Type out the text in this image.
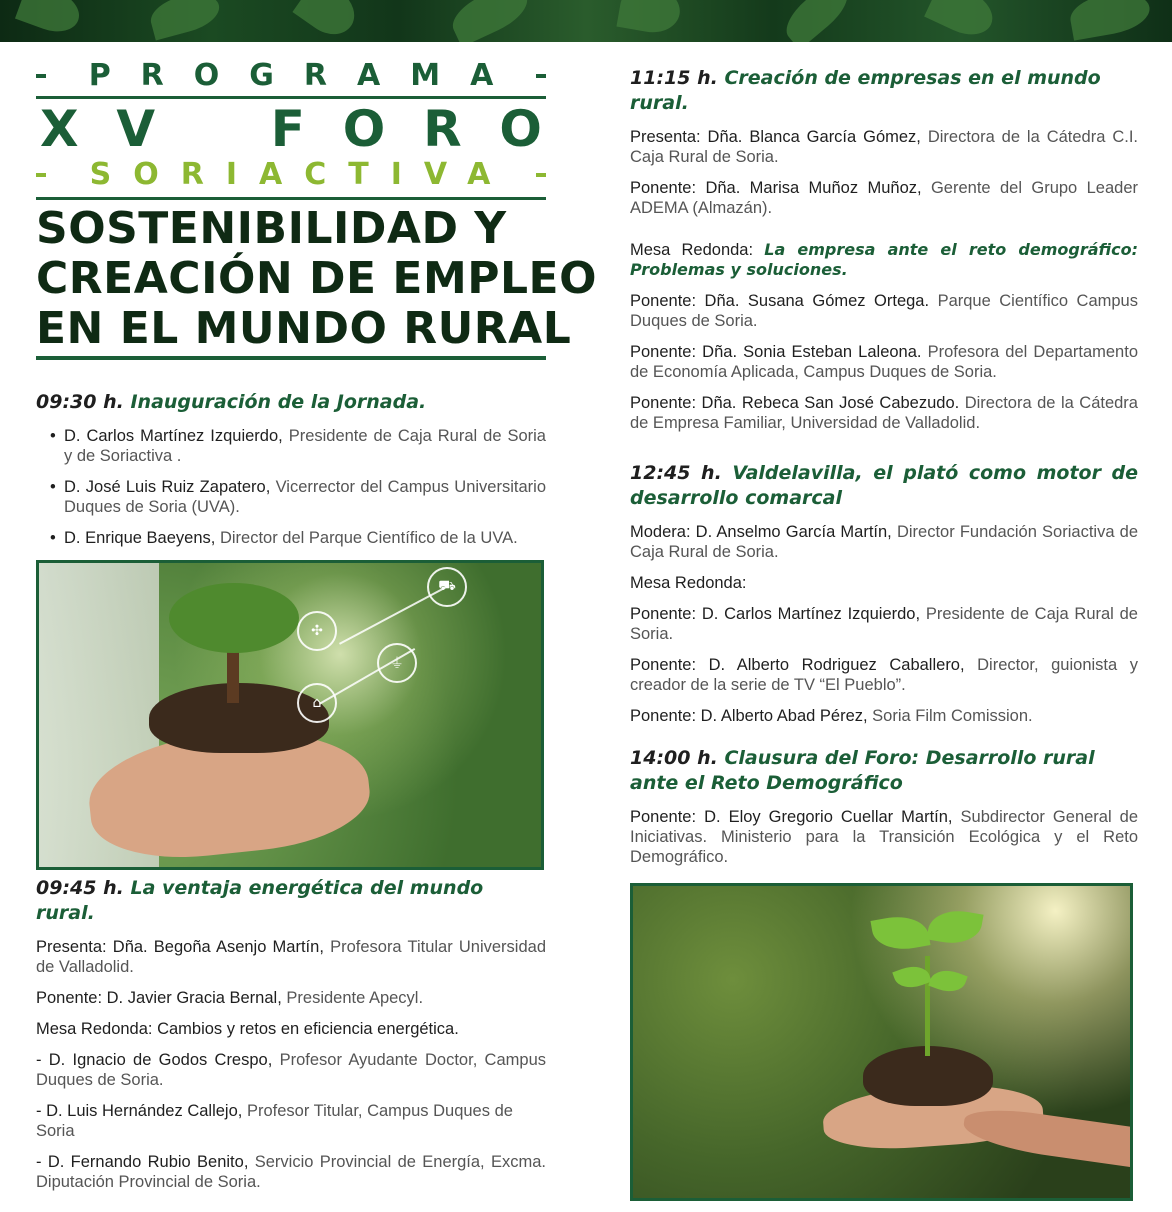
PROGRAMA
X V F O R O
SORIACTIVA
SOSTENIBILIDAD Y
CREACIÓN DE EMPLEO
EN EL MUNDO RURAL
09:30 h. Inauguración de la Jornada.
• D. Carlos Martínez Izquierdo, Presidente de Caja Rural de Soria y de Soriactiva .
• D. José Luis Ruiz Zapatero, Vicerrector del Campus Universitario Duques de Soria (UVA).
• D. Enrique Baeyens, Director del Parque Científico de la UVA.
✣
⛟
⏚
⌂
09:45 h. La ventaja energética del mundo rural.
Presenta: Dña. Begoña Asenjo Martín, Profesora Titular Universidad de Valladolid.
Ponente: D. Javier Gracia Bernal, Presidente Apecyl.
Mesa Redonda: Cambios y retos en eficiencia energética.
- D. Ignacio de Godos Crespo, Profesor Ayudante Doctor, Campus Duques de Soria.
- D. Luis Hernández Callejo, Profesor Titular, Campus Duques de Soria
- D. Fernando Rubio Benito, Servicio Provincial de Energía, Excma. Diputación Provincial de Soria.
11:15 h. Creación de empresas en el mundo rural.
Presenta: Dña. Blanca García Gómez, Directora de la Cátedra C.I. Caja Rural de Soria.
Ponente: Dña. Marisa Muñoz Muñoz, Gerente del Grupo Leader ADEMA (Almazán).
Mesa Redonda: La empresa ante el reto demográfico: Problemas y soluciones.
Ponente: Dña. Susana Gómez Ortega. Parque Científico Campus Duques de Soria.
Ponente: Dña. Sonia Esteban Laleona. Profesora del Departamento de Economía Aplicada, Campus Duques de Soria.
Ponente: Dña. Rebeca San José Cabezudo. Directora de la Cátedra de Empresa Familiar, Universidad de Valladolid.
12:45 h. Valdelavilla, el plató como motor de desarrollo comarcal
Modera: D. Anselmo García Martín, Director Fundación Soriactiva de Caja Rural de Soria.
Mesa Redonda:
Ponente: D. Carlos Martínez Izquierdo, Presidente de Caja Rural de Soria.
Ponente: D. Alberto Rodriguez Caballero, Director, guionista y creador de la serie de TV “El Pueblo”.
Ponente: D. Alberto Abad Pérez, Soria Film Comission.
14:00 h. Clausura del Foro: Desarrollo rural ante el Reto Demográfico
Ponente: D. Eloy Gregorio Cuellar Martín, Subdirector General de Iniciativas. Ministerio para la Transición Ecológica y el Reto Demográfico.
